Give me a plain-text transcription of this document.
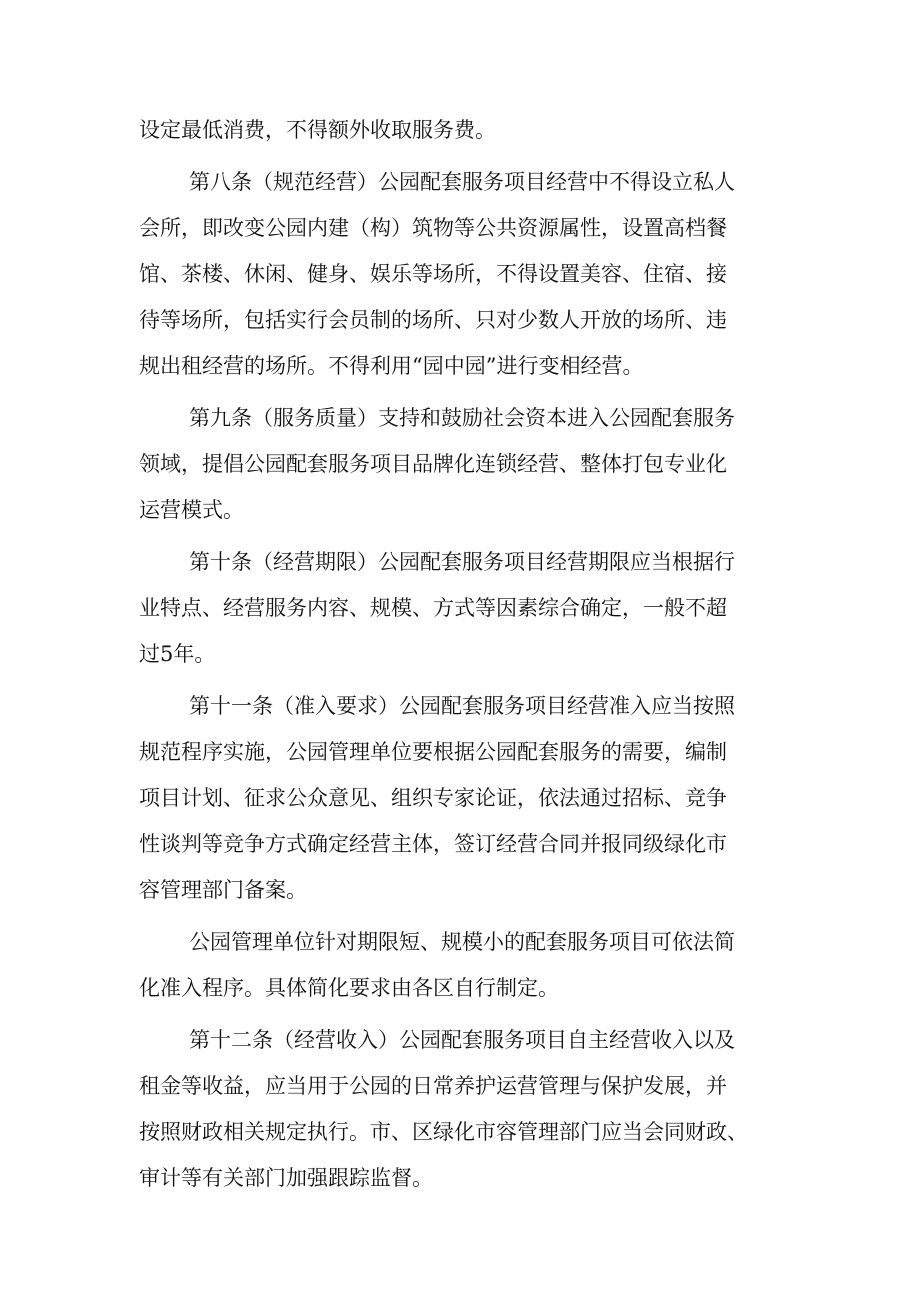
设定最低消费，不得额外收取服务费。
第八条（规范经营）公园配套服务项目经营中不得设立私人
会所，即改变公园内建（构）筑物等公共资源属性，设置高档餐
馆、茶楼、休闲、健身、娱乐等场所，不得设置美容、住宿、接
待等场所，包括实行会员制的场所、只对少数人开放的场所、违
规出租经营的场所。不得利用“园中园”进行变相经营。
第九条（服务质量）支持和鼓励社会资本进入公园配套服务
领域，提倡公园配套服务项目品牌化连锁经营、整体打包专业化
运营模式。
第十条（经营期限）公园配套服务项目经营期限应当根据行
业特点、经营服务内容、规模、方式等因素综合确定，一般不超
过5年。
第十一条（准入要求）公园配套服务项目经营准入应当按照
规范程序实施，公园管理单位要根据公园配套服务的需要，编制
项目计划、征求公众意见、组织专家论证，依法通过招标、竞争
性谈判等竞争方式确定经营主体，签订经营合同并报同级绿化市
容管理部门备案。
公园管理单位针对期限短、规模小的配套服务项目可依法简
化准入程序。具体简化要求由各区自行制定。
第十二条（经营收入）公园配套服务项目自主经营收入以及
租金等收益，应当用于公园的日常养护运营管理与保护发展，并
按照财政相关规定执行。市、区绿化市容管理部门应当会同财政、
审计等有关部门加强跟踪监督。
